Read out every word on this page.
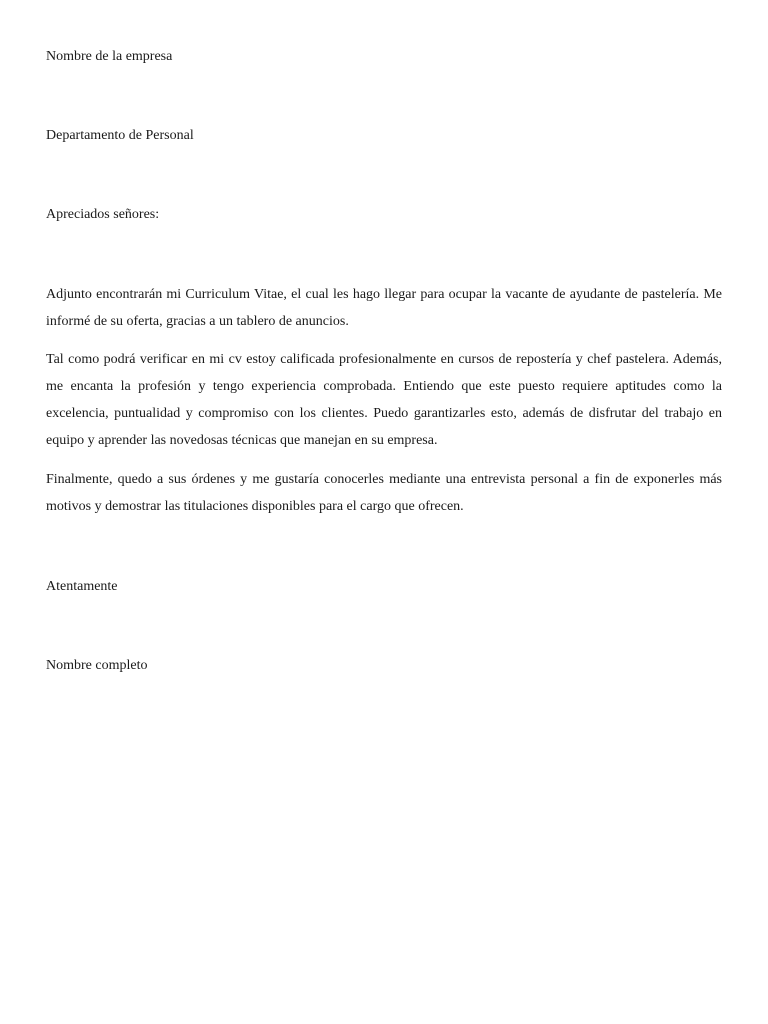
Nombre de la empresa

Departamento de Personal

Apreciados señores:

Adjunto encontrarán mi Curriculum Vitae, el cual les hago llegar para ocupar la vacante de ayudante de pastelería. Me informé de su oferta, gracias a un tablero de anuncios.

Tal como podrá verificar en mi cv estoy calificada profesionalmente en cursos de repostería y chef pastelera. Además, me encanta la profesión y tengo experiencia comprobada. Entiendo que este puesto requiere aptitudes como la excelencia, puntualidad y compromiso con los clientes. Puedo garantizarles esto, además de disfrutar del trabajo en equipo y aprender las novedosas técnicas que manejan en su empresa.

Finalmente, quedo a sus órdenes y me gustaría conocerles mediante una entrevista personal a fin de exponerles más motivos y demostrar las titulaciones disponibles para el cargo que ofrecen.

Atentamente

Nombre completo
